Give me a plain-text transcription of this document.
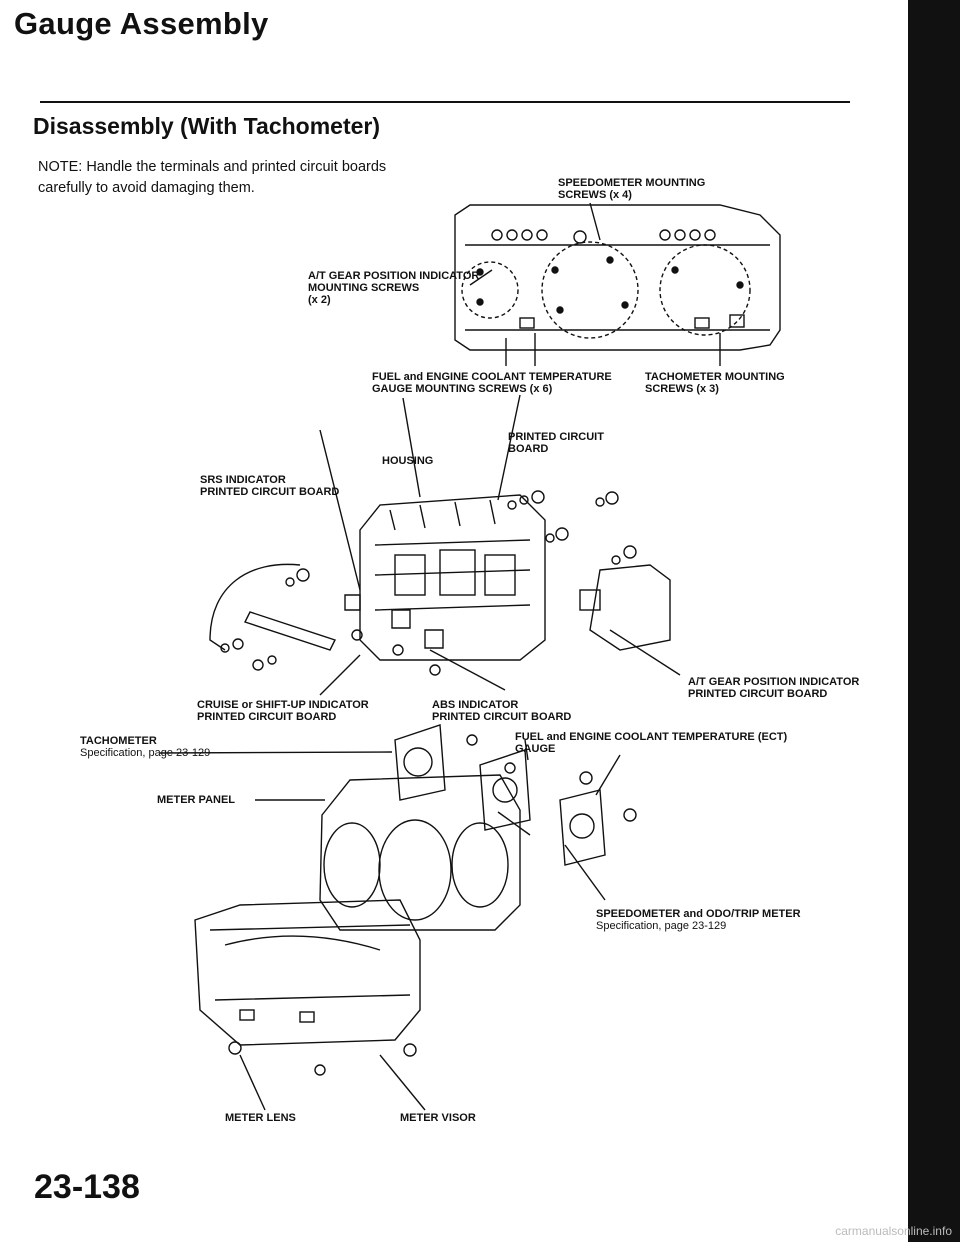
Gauge Assembly
Disassembly (With Tachometer)
NOTE: Handle the terminals and printed circuit boards
carefully to avoid damaging them.	SPEEDOMETER MOUNTING
SCREWS (x 4)
A/T GEAR POSITION INDICATOR
MOUNTING SCREWS
(x 2)
FUEL and ENGINE COOLANT TEMPERATURE
GAUGE MOUNTING SCREWS (x 6)
TACHOMETER MOUNTING
SCREWS (x 3)
PRINTED CIRCUIT
BOARD
HOUSING
SRS INDICATOR
PRINTED CIRCUIT BOARD
A/T GEAR POSITION INDICATOR
PRINTED CIRCUIT BOARD
CRUISE or SHIFT-UP INDICATOR
PRINTED CIRCUIT BOARD
ABS INDICATOR
PRINTED CIRCUIT BOARD
FUEL and ENGINE COOLANT TEMPERATURE (ECT)
GAUGE
TACHOMETER
Specification, page 23-129
METER PANEL
SPEEDOMETER and ODO/TRIP METER
Specification, page 23-129
METER LENS	METER VISOR
23-138
carmanualsonline.info
